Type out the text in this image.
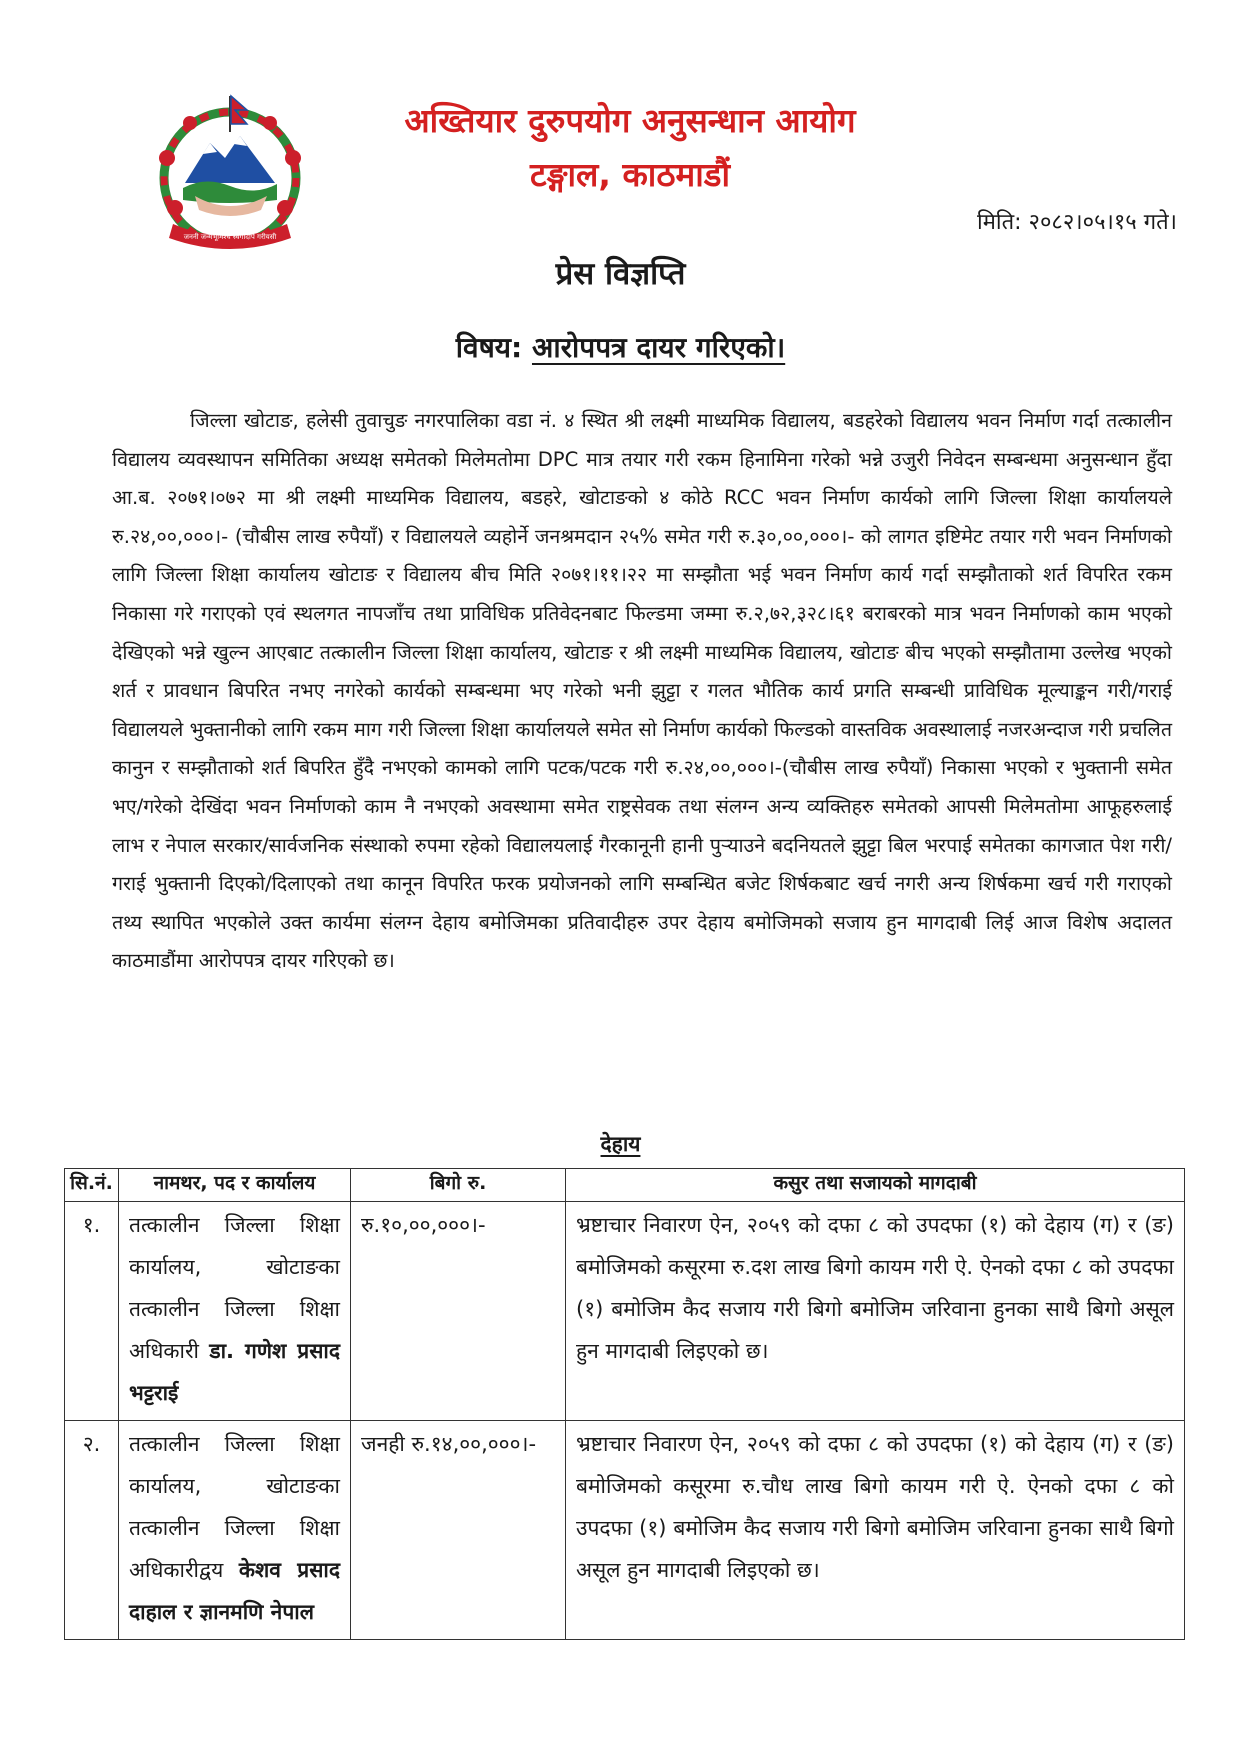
जननी जन्मभूमिश्च स्वर्गादपि गरीयसी
अख्तियार दुरुपयोग अनुसन्धान आयोग
टङ्गाल, काठमाडौं
मिति: २०८२।०५।१५ गते।
प्रेस विज्ञप्ति
विषय: आरोपपत्र दायर गरिएको।

जिल्ला खोटाङ, हलेसी तुवाचुङ नगरपालिका वडा नं. ४ स्थित श्री लक्ष्मी माध्यमिक विद्यालय, बडहरेको विद्यालय भवन निर्माण गर्दा तत्कालीन विद्यालय व्यवस्थापन समितिका अध्यक्ष समेतको मिलेमतोमा DPC मात्र तयार गरी रकम हिनामिना गरेको भन्ने उजुरी निवेदन सम्बन्धमा अनुसन्धान हुँदा आ.ब. २०७१।०७२ मा श्री लक्ष्मी माध्यमिक विद्यालय, बडहरे, खोटाङको ४ कोठे RCC भवन निर्माण कार्यको लागि जिल्ला शिक्षा कार्यालयले रु.२४,००,०००।- (चौबीस लाख रुपैयाँ) र विद्यालयले व्यहोर्ने जनश्रमदान २५% समेत गरी रु.३०,००,०००।- को लागत इष्टिमेट तयार गरी भवन निर्माणको लागि जिल्ला शिक्षा कार्यालय खोटाङ र विद्यालय बीच मिति २०७१।११।२२ मा सम्झौता भई भवन निर्माण कार्य गर्दा सम्झौताको शर्त विपरित रकम निकासा गरे गराएको एवं स्थलगत नापजाँच तथा प्राविधिक प्रतिवेदनबाट फिल्डमा जम्मा रु.२,७२,३२८।६१ बराबरको मात्र भवन निर्माणको काम भएको देखिएको भन्ने खुल्न आएबाट तत्कालीन जिल्ला शिक्षा कार्यालय, खोटाङ र श्री लक्ष्मी माध्यमिक विद्यालय, खोटाङ बीच भएको सम्झौतामा उल्लेख भएको शर्त र प्रावधान बिपरित नभए नगरेको कार्यको सम्बन्धमा भए गरेको भनी झुट्टा र गलत भौतिक कार्य प्रगति सम्बन्धी प्राविधिक मूल्याङ्कन गरी/गराई विद्यालयले भुक्तानीको लागि रकम माग गरी जिल्ला शिक्षा कार्यालयले समेत सो निर्माण कार्यको फिल्डको वास्तविक अवस्थालाई नजरअन्दाज गरी प्रचलित कानुन र सम्झौताको शर्त बिपरित हुँदै नभएको कामको लागि पटक/पटक गरी रु.२४,००,०००।-(चौबीस लाख रुपैयाँ) निकासा भएको र भुक्तानी समेत भए/गरेको देखिंदा भवन निर्माणको काम नै नभएको अवस्थामा समेत राष्ट्रसेवक तथा संलग्न अन्य व्यक्तिहरु समेतको आपसी मिलेमतोमा आफूहरुलाई लाभ र नेपाल सरकार/सार्वजनिक संस्थाको रुपमा रहेको विद्यालयलाई गैरकानूनी हानी पुर्‍याउने बदनियतले झुट्टा बिल भरपाई समेतका कागजात पेश गरी/गराई भुक्तानी दिएको/दिलाएको तथा कानून विपरित फरक प्रयोजनको लागि सम्बन्धित बजेट शिर्षकबाट खर्च नगरी अन्य शिर्षकमा खर्च गरी गराएको तथ्य स्थापित भएकोले उक्त कार्यमा संलग्न देहाय बमोजिमका प्रतिवादीहरु उपर देहाय बमोजिमको सजाय हुन मागदाबी लिई आज विशेष अदालत काठमाडौंमा आरोपपत्र दायर गरिएको छ।

देहाय
सि.नं.	नामथर, पद र कार्यालय	बिगो रु.	कसुर तथा सजायको मागदाबी
१.	तत्कालीन जिल्ला शिक्षा कार्यालय, खोटाङका तत्कालीन जिल्ला शिक्षा अधिकारी डा. गणेश प्रसाद भट्टराई	रु.१०,००,०००।-	भ्रष्टाचार निवारण ऐन, २०५९ को दफा ८ को उपदफा (१) को देहाय (ग) र (ङ) बमोजिमको कसूरमा रु.दश लाख बिगो कायम गरी ऐ. ऐनको दफा ८ को उपदफा (१) बमोजिम कैद सजाय गरी बिगो बमोजिम जरिवाना हुनका साथै बिगो असूल हुन मागदाबी लिइएको छ।
२.	तत्कालीन जिल्ला शिक्षा कार्यालय, खोटाङका तत्कालीन जिल्ला शिक्षा अधिकारीद्वय केशव प्रसाद दाहाल र ज्ञानमणि नेपाल	जनही रु.१४,००,०००।-	भ्रष्टाचार निवारण ऐन, २०५९ को दफा ८ को उपदफा (१) को देहाय (ग) र (ङ) बमोजिमको कसूरमा रु.चौध लाख बिगो कायम गरी ऐ. ऐनको दफा ८ को उपदफा (१) बमोजिम कैद सजाय गरी बिगो बमोजिम जरिवाना हुनका साथै बिगो असूल हुन मागदाबी लिइएको छ।
